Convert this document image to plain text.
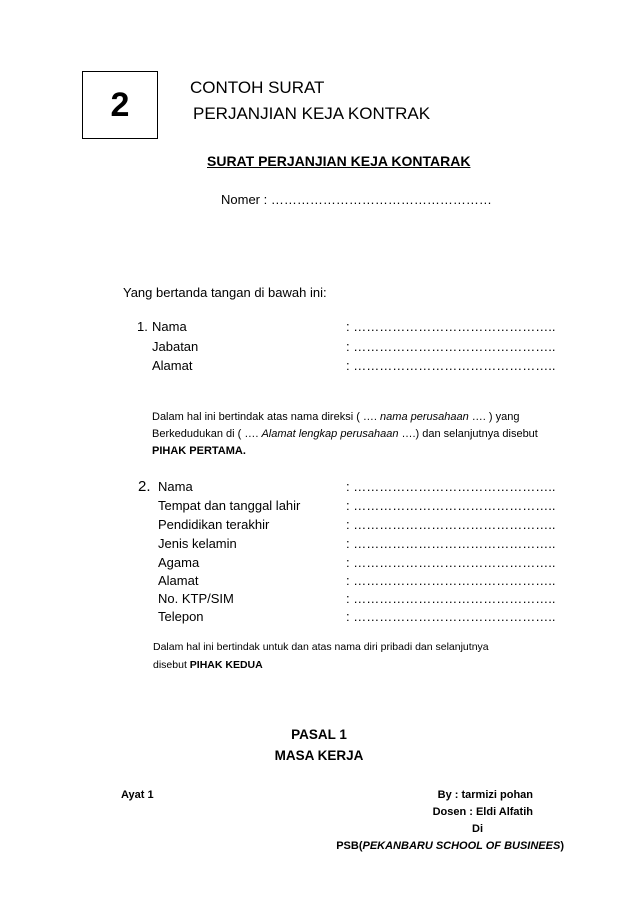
2	CONTOH SURAT
PERJANJIAN KEJA KONTRAK
SURAT PERJANJIAN KEJA KONTARAK
Nomer : ……………………………………………
Yang bertanda tangan di bawah ini:
1. Nama	: ………………………………………..
Jabatan	: ………………………………………..
Alamat	: ………………………………………..
Dalam hal ini bertindak atas nama direksi ( …. nama perusahaan …. ) yang
Berkedudukan di ( …. Alamat lengkap perusahaan ….) dan selanjutnya disebut
PIHAK PERTAMA.
2. Nama	: ………………………………………..
Tempat dan tanggal lahir	: ………………………………………..
Pendidikan terakhir	: ………………………………………..
Jenis kelamin	: ………………………………………..
Agama	: ………………………………………..
Alamat	: ………………………………………..
No. KTP/SIM	: ………………………………………..
Telepon	: ………………………………………..
Dalam hal ini bertindak untuk dan atas nama diri pribadi dan selanjutnya
disebut PIHAK KEDUA
PASAL 1
MASA KERJA
Ayat 1	By : tarmizi pohan
Dosen : Eldi Alfatih
Di
PSB(PEKANBARU SCHOOL OF BUSINEES)
